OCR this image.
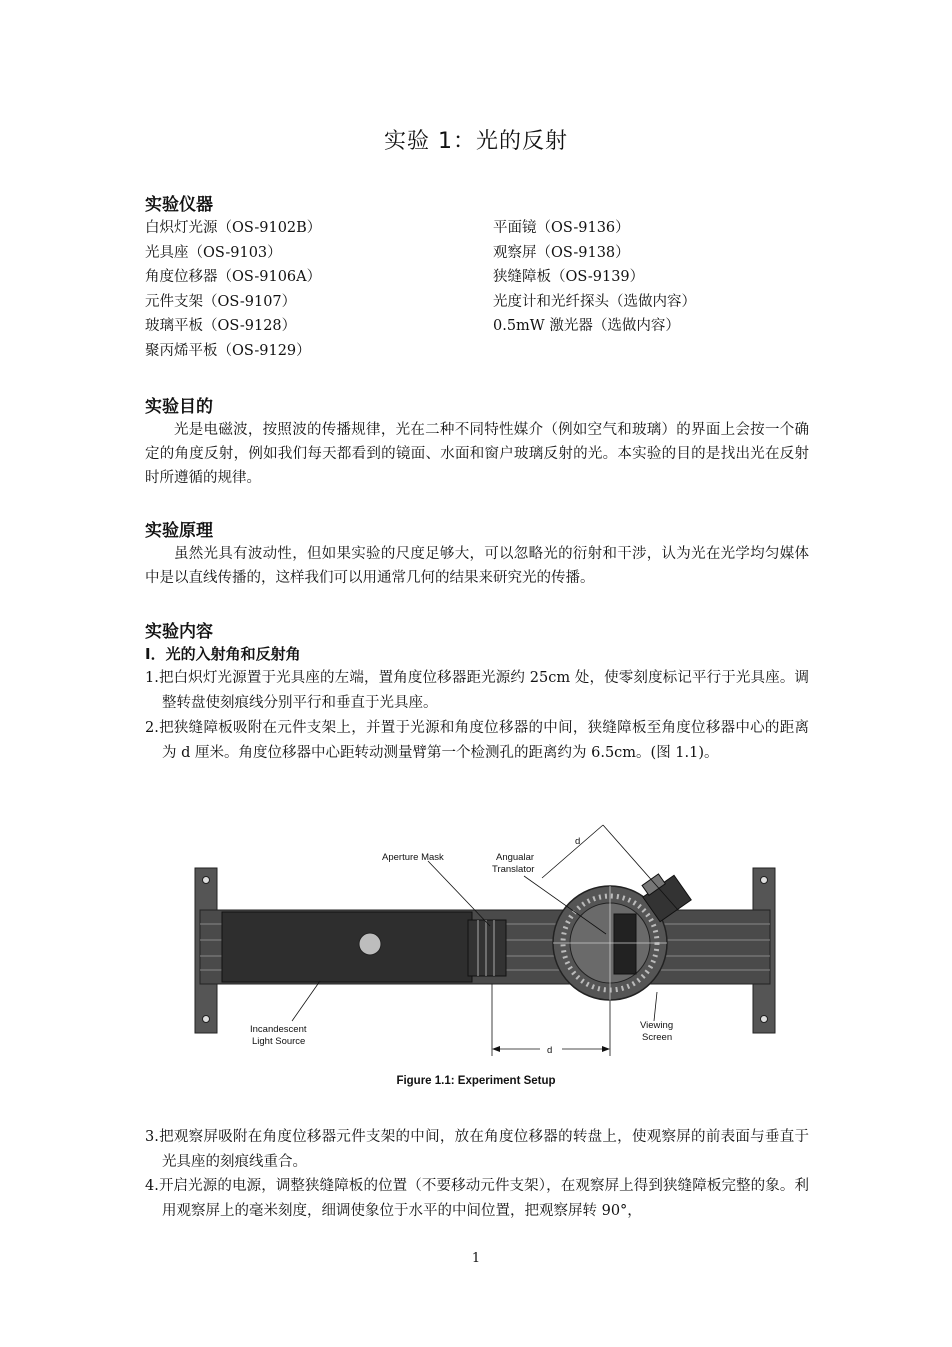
实验 1：光的反射
实验仪器
白炽灯光源（OS-9102B）
光具座（OS-9103）
角度位移器（OS-9106A）
元件支架（OS-9107）
玻璃平板（OS-9128）
聚丙烯平板（OS-9129）
平面镜（OS-9136）
观察屏（OS-9138）
狭缝障板（OS-9139）
光度计和光纤探头（选做内容）
0.5mW 激光器（选做内容）
实验目的
光是电磁波，按照波的传播规律，光在二种不同特性媒介（例如空气和玻璃）的界面上会按一个确定的角度反射，例如我们每天都看到的镜面、水面和窗户玻璃反射的光。本实验的目的是找出光在反射时所遵循的规律。
实验原理
虽然光具有波动性，但如果实验的尺度足够大，可以忽略光的衍射和干涉，认为光在光学均匀媒体中是以直线传播的，这样我们可以用通常几何的结果来研究光的传播。
实验内容
I．光的入射角和反射角
1.把白炽灯光源置于光具座的左端，置角度位移器距光源约 25cm 处，使零刻度标记平行于光具座。调整转盘使刻痕线分别平行和垂直于光具座。
2.把狭缝障板吸附在元件支架上，并置于光源和角度位移器的中间，狭缝障板至角度位移器中心的距离为 d 厘米。角度位移器中心距转动测量臂第一个检测孔的距离约为 6.5cm。(图 1.1)。
Aperture Mask	Angualar
Translator
Incandescent
Light Source
Viewing
Screen
d
d
Figure 1.1: Experiment Setup
3.把观察屏吸附在角度位移器元件支架的中间，放在角度位移器的转盘上，使观察屏的前表面与垂直于光具座的刻痕线重合。
4.开启光源的电源，调整狭缝障板的位置（不要移动元件支架），在观察屏上得到狭缝障板完整的象。利用观察屏上的毫米刻度，细调使象位于水平的中间位置，把观察屏转 90°，
1
